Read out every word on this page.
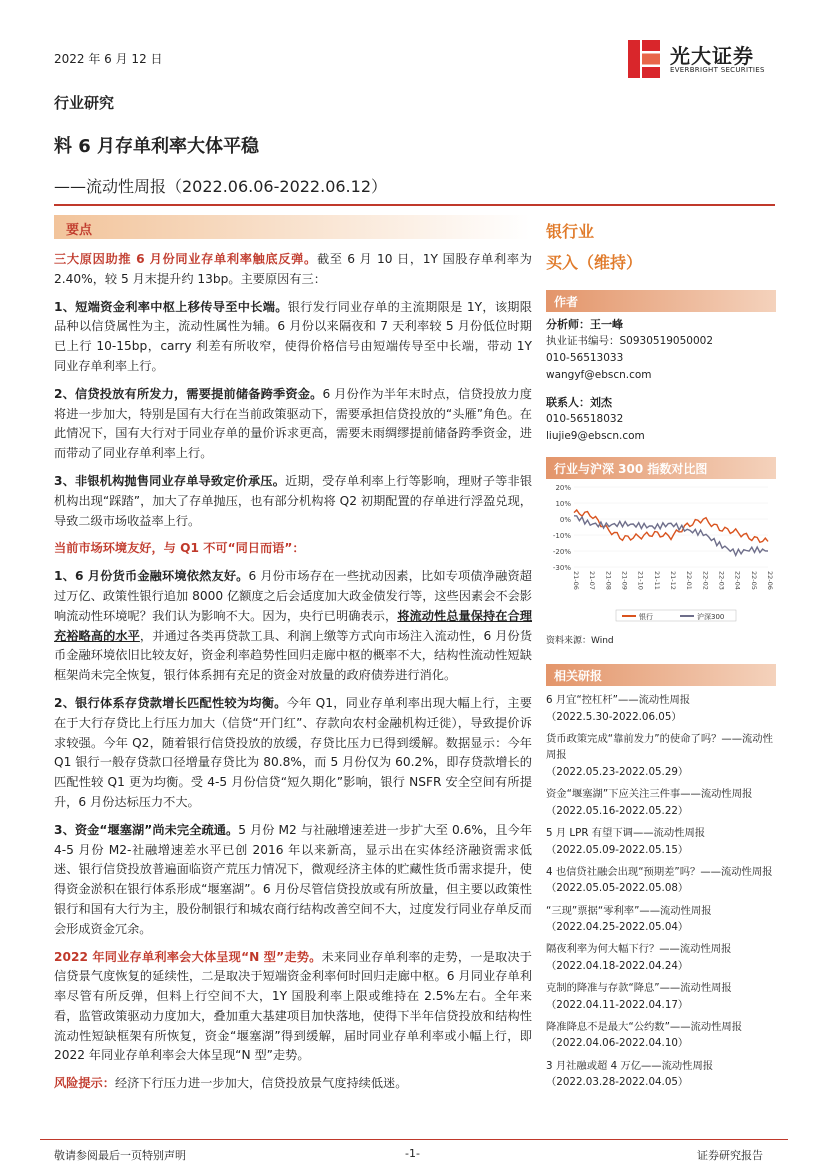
2022 年 6 月 12 日	光大证券
EVERBRIGHT SECURITIES
行业研究
料 6 月存单利率大体平稳
——流动性周报（2022.06.06-2022.06.12）
要点

三大原因助推 6 月份同业存单利率触底反弹。截至 6 月 10 日，1Y 国股存单利率为 2.40%，较 5 月末提升约 13bp。主要原因有三：

1、短端资金利率中枢上移传导至中长端。银行发行同业存单的主流期限是 1Y，该期限品种以信贷属性为主，流动性属性为辅。6 月份以来隔夜和 7 天利率较 5 月份低位时期已上行 10-15bp，carry 利差有所收窄，使得价格信号由短端传导至中长端，带动 1Y 同业存单利率上行。

2、信贷投放有所发力，需要提前储备跨季资金。6 月份作为半年末时点，信贷投放力度将进一步加大，特别是国有大行在当前政策驱动下，需要承担信贷投放的“头雁”角色。在此情况下，国有大行对于同业存单的量价诉求更高，需要未雨绸缪提前储备跨季资金，进而带动了同业存单利率上行。

3、非银机构抛售同业存单导致定价承压。近期，受存单利率上行等影响，理财子等非银机构出现“踩踏”，加大了存单抛压，也有部分机构将 Q2 初期配置的存单进行浮盈兑现，导致二级市场收益率上行。

当前市场环境友好，与 Q1 不可“同日而语”：

1、6 月份货币金融环境依然友好。6 月份市场存在一些扰动因素，比如专项债净融资超过万亿、政策性银行追加 8000 亿额度之后会适度加大政金债发行等，这些因素会不会影响流动性环境呢？我们认为影响不大。因为，央行已明确表示，将流动性总量保持在合理充裕略高的水平，并通过各类再贷款工具、利润上缴等方式向市场注入流动性，6 月份货币金融环境依旧比较友好，资金利率趋势性回归走廊中枢的概率不大，结构性流动性短缺框架尚未完全恢复，银行体系拥有充足的资金对放量的政府债券进行消化。

2、银行体系存贷款增长匹配性较为均衡。今年 Q1，同业存单利率出现大幅上行，主要在于大行存贷比上行压力加大（信贷“开门红”、存款向农村金融机构迁徙），导致提价诉求较强。今年 Q2，随着银行信贷投放的放缓，存贷比压力已得到缓解。数据显示：今年 Q1 银行一般存贷款口径增量存贷比为 80.8%，而 5 月份仅为 60.2%，即存贷款增长的匹配性较 Q1 更为均衡。受 4-5 月份信贷“短久期化”影响，银行 NSFR 安全空间有所提升，6 月份达标压力不大。

3、资金“堰塞湖”尚未完全疏通。5 月份 M2 与社融增速差进一步扩大至 0.6%，且今年 4-5 月份 M2-社融增速差水平已创 2016 年以来新高，显示出在实体经济融资需求低迷、银行信贷投放普遍面临资产荒压力情况下，微观经济主体的贮藏性货币需求提升，使得资金淤积在银行体系形成“堰塞湖”。6 月份尽管信贷投放或有所放量，但主要以政策性银行和国有大行为主，股份制银行和城农商行结构改善空间不大，过度发行同业存单反而会形成资金冗余。

2022 年同业存单利率会大体呈现“N 型”走势。未来同业存单利率的走势，一是取决于信贷景气度恢复的延续性，二是取决于短端资金利率何时回归走廊中枢。6 月同业存单利率尽管有所反弹，但料上行空间不大，1Y 国股利率上限或维持在 2.5%左右。全年来看，监管政策驱动力度加大，叠加重大基建项目加快落地，使得下半年信贷投放和结构性流动性短缺框架有所恢复，资金“堰塞湖”得到缓解，届时同业存单利率或小幅上行，即 2022 年同业存单利率会大体呈现“N 型”走势。

风险提示：经济下行压力进一步加大，信贷投放景气度持续低迷。

银行业
买入（维持）
作者
分析师：王一峰
执业证书编号：S0930519050002
010-56513033
wangyf@ebscn.com
联系人：刘杰
010-56518032
liujie9@ebscn.com
行业与沪深 300 指数对比图
20%
10%
0%
-10%
-20%
-30%
21-06 21-07 21-08 21-09 21-10 21-11 21-12 22-01 22-02 22-03 22-04 22-05 22-06
银行	沪深300
资料来源：Wind
相关研报
6 月宜“控杠杆”——流动性周报
（2022.5.30-2022.06.05）
货币政策完成“靠前发力”的使命了吗？——流动性周报
（2022.05.23-2022.05.29）
资金“堰塞湖”下应关注三件事——流动性周报
（2022.05.16-2022.05.22）
5 月 LPR 有望下调——流动性周报
（2022.05.09-2022.05.15）
4 也信贷社融会出现“预期差”吗？——流动性周报
（2022.05.05-2022.05.08）
“三现”票据“零利率”——流动性周报
（2022.04.25-2022.05.04）
隔夜利率为何大幅下行？——流动性周报
（2022.04.18-2022.04.24）
克制的降准与存款“降息”——流动性周报
（2022.04.11-2022.04.17）
降准降息不是最大“公约数”——流动性周报
（2022.04.06-2022.04.10）
3 月社融或超 4 万亿——流动性周报
（2022.03.28-2022.04.05）
敬请参阅最后一页特别声明	-1-	证券研究报告
